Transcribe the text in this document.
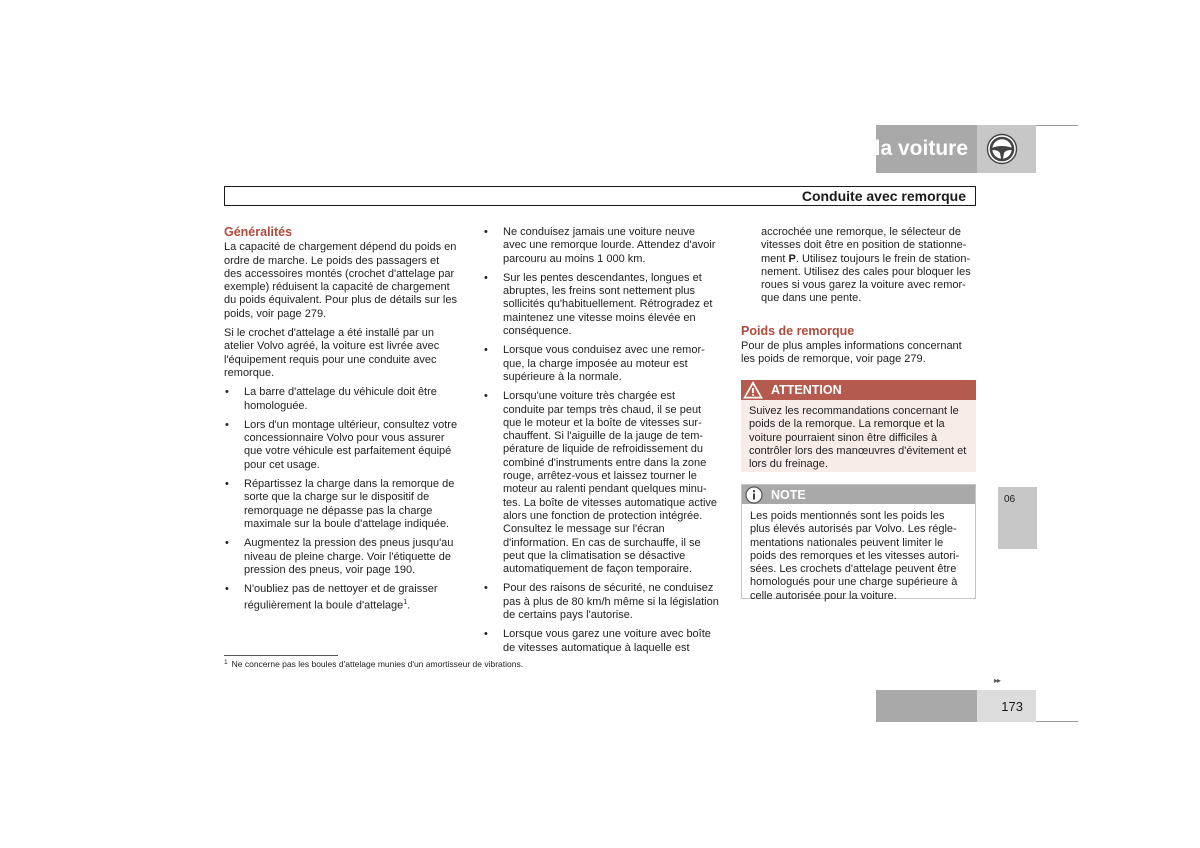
06 Démarrage et conduite de la voiture
Conduite avec remorque
Généralités

La capacité de chargement dépend du poids en ordre de marche. Le poids des passagers et des accessoires montés (crochet d'attelage par exemple) réduisent la capacité de chargement du poids équivalent. Pour plus de détails sur les poids, voir page 279.

Si le crochet d'attelage a été installé par un atelier Volvo agréé, la voiture est livrée avec l'équipement requis pour une conduite avec remorque.

• La barre d'attelage du véhicule doit être homologuée.
• Lors d'un montage ultérieur, consultez votre concessionnaire Volvo pour vous assurer que votre véhicule est parfaitement équipé pour cet usage.
• Répartissez la charge dans la remorque de sorte que la charge sur le dispositif de remorquage ne dépasse pas la charge maximale sur la boule d'attelage indiquée.
• Augmentez la pression des pneus jusqu'au niveau de pleine charge. Voir l'étiquette de pression des pneus, voir page 190.
• N'oubliez pas de nettoyer et de graisser régulièrement la boule d'attelage$^1$.
• Ne conduisez jamais une voiture neuve avec une remorque lourde. Attendez d'avoir parcouru au moins 1 000 km.
• Sur les pentes descendantes, longues et abruptes, les freins sont nettement plus sollicités qu'habituellement. Rétrogradez et maintenez une vitesse moins élevée en conséquence.
• Lorsque vous conduisez avec une remorque, la charge imposée au moteur est supérieure à la normale.
• Lorsqu'une voiture très chargée est conduite par temps très chaud, il se peut que le moteur et la boîte de vitesses surchauffent. Si l'aiguille de la jauge de température de liquide de refroidissement du combiné d'instruments entre dans la zone rouge, arrêtez-vous et laissez tourner le moteur au ralenti pendant quelques minutes. La boîte de vitesses automatique active alors une fonction de protection intégrée. Consultez le message sur l'écran d'information. En cas de surchauffe, il se peut que la climatisation se désactive automatiquement de façon temporaire.
• Pour des raisons de sécurité, ne conduisez pas à plus de 80 km/h même si la législation de certains pays l'autorise.
• Lorsque vous garez une voiture avec boîte de vitesses automatique à laquelle est

accrochée une remorque, le sélecteur de vitesses doit être en position de stationnement P. Utilisez toujours le frein de stationnement. Utilisez des cales pour bloquer les roues si vous garez la voiture avec remorque dans une pente.

Poids de remorque

Pour de plus amples informations concernant les poids de remorque, voir page 279.

ATTENTION
Suivez les recommandations concernant le poids de la remorque. La remorque et la voiture pourraient sinon être difficiles à contrôler lors des manœuvres d'évitement et lors du freinage.
NOTE
Les poids mentionnés sont les poids les plus élevés autorisés par Volvo. Les réglementations nationales peuvent limiter le poids des remorques et les vitesses autorisées. Les crochets d'attelage peuvent être homologués pour une charge supérieure à celle autorisée pour la voiture.
06
$^1$ Ne concerne pas les boules d'attelage munies d'un amortisseur de vibrations.
▸▸
173
